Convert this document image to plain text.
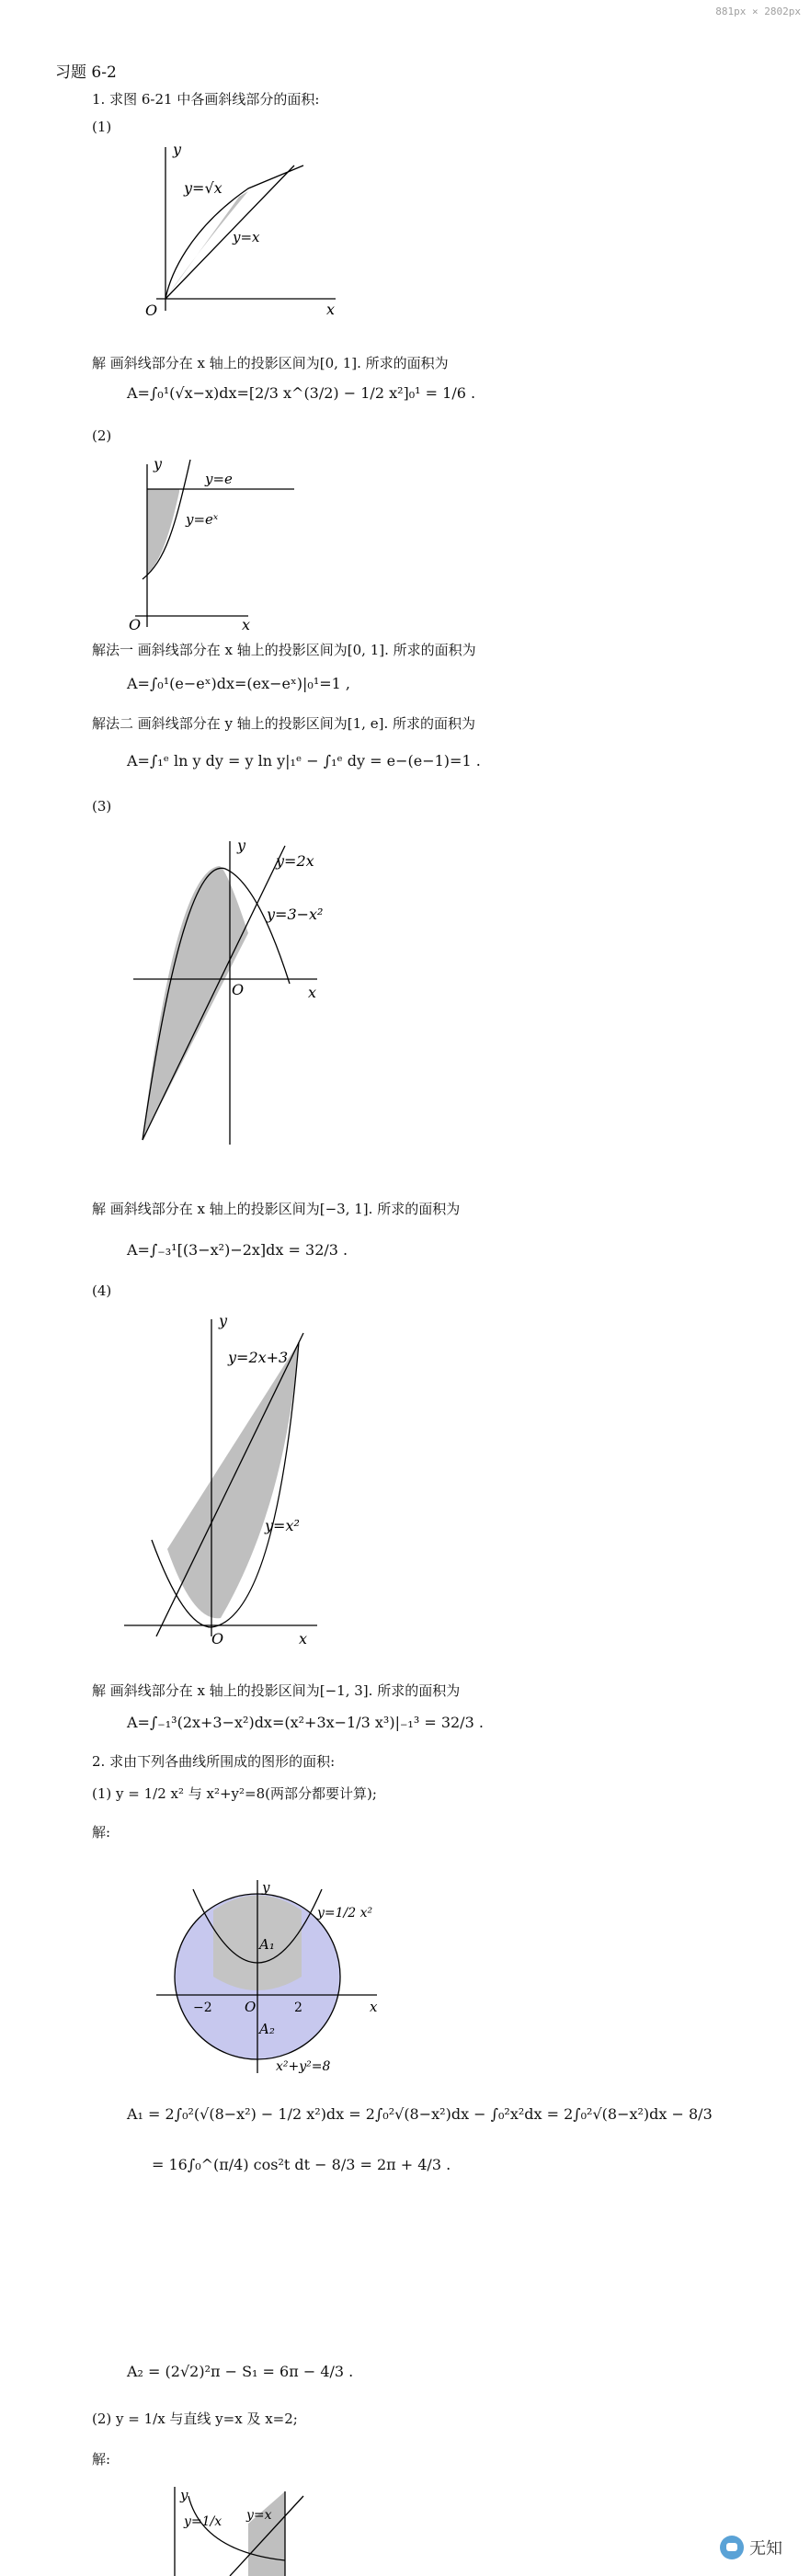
881px × 2802px
习题 6-2
1. 求图 6-21 中各画斜线部分的面积:
(1)
y
x
O
y=√x
y=x
解 画斜线部分在 x 轴上的投影区间为[0, 1]. 所求的面积为
A=∫₀¹(√x−x)dx=[2/3 x^(3/2) − 1/2 x²]₀¹ = 1/6 .
(2)
y
x
O
y=e
y=eˣ
解法一 画斜线部分在 x 轴上的投影区间为[0, 1]. 所求的面积为
A=∫₀¹(e−eˣ)dx=(ex−eˣ)|₀¹=1 ,
解法二 画斜线部分在 y 轴上的投影区间为[1, e]. 所求的面积为
A=∫₁ᵉ ln y dy = y ln y|₁ᵉ − ∫₁ᵉ dy = e−(e−1)=1 .
(3)
y
x
O
y=2x
y=3−x²
解 画斜线部分在 x 轴上的投影区间为[−3, 1]. 所求的面积为
A=∫₋₃¹[(3−x²)−2x]dx = 32/3 .
(4)
y
x
O
y=2x+3
y=x²
解 画斜线部分在 x 轴上的投影区间为[−1, 3]. 所求的面积为
A=∫₋₁³(2x+3−x²)dx=(x²+3x−1/3 x³)|₋₁³ = 32/3 .
2. 求由下列各曲线所围成的图形的面积:
(1) y = 1/2 x² 与 x²+y²=8(两部分都要计算);
解:
y
x
O
y=1/2 x²
A₁
A₂
−2	2
x²+y²=8
A₁ = 2∫₀²(√(8−x²) − 1/2 x²)dx = 2∫₀²√(8−x²)dx − ∫₀²x²dx = 2∫₀²√(8−x²)dx − 8/3
= 16∫₀^(π/4) cos²t dt − 8/3 = 2π + 4/3 .
A₂ = (2√2)²π − S₁ = 6π − 4/3 .
(2) y = 1/x 与直线 y=x 及 x=2;
解:
y
y=1/x y=x
无知
